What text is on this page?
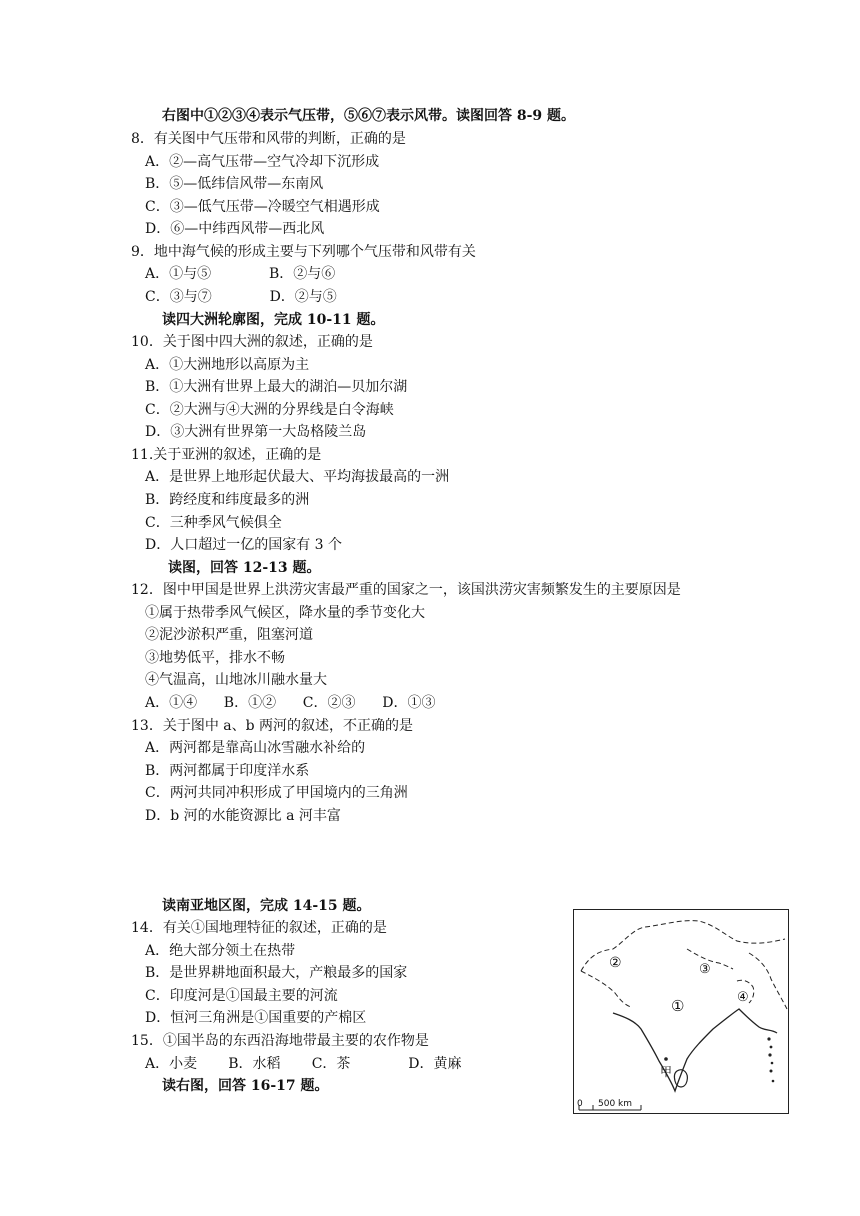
右图中①②③④表示气压带，⑤⑥⑦表示风带。读图回答 8-9 题。
8．有关图中气压带和风带的判断，正确的是
A．②—高气压带—空气冷却下沉形成
B．⑤—低纬信风带—东南风
C．③—低气压带—冷暖空气相遇形成
D．⑥—中纬西风带—西北风
9．地中海气候的形成主要与下列哪个气压带和风带有关
A．①与⑤             B．②与⑥
C．③与⑦             D．②与⑤
读四大洲轮廓图，完成 10-11 题。
10．关于图中四大洲的叙述，正确的是
A．①大洲地形以高原为主
B．①大洲有世界上最大的湖泊—贝加尔湖
C．②大洲与④大洲的分界线是白令海峡
D．③大洲有世界第一大岛格陵兰岛
11.关于亚洲的叙述，正确的是
A．是世界上地形起伏最大、平均海拔最高的一洲
B．跨经度和纬度最多的洲
C．三种季风气候俱全
D．人口超过一亿的国家有 3 个
读图，回答 12-13 题。
12．图中甲国是世界上洪涝灾害最严重的国家之一，该国洪涝灾害频繁发生的主要原因是
①属于热带季风气候区，降水量的季节变化大
②泥沙淤积严重，阻塞河道
③地势低平，排水不畅
④气温高，山地冰川融水量大
A．①④      B．①②      C．②③      D．①③
13．关于图中 a、b 两河的叙述，不正确的是
A．两河都是靠高山冰雪融水补给的
B．两河都属于印度洋水系
C．两河共同冲积形成了甲国境内的三角洲
D．b 河的水能资源比 a 河丰富
读南亚地区图，完成 14-15 题。
14．有关①国地理特征的叙述，正确的是
A．绝大部分领土在热带
B．是世界耕地面积最大，产粮最多的国家
C．印度河是①国最主要的河流
D．恒河三角洲是①国重要的产棉区
15．①国半岛的东西沿海地带最主要的农作物是
A．小麦       B．水稻       C．茶             D．黄麻
读右图，回答 16-17 题。
②	③
④
①
甲
0 500 km
